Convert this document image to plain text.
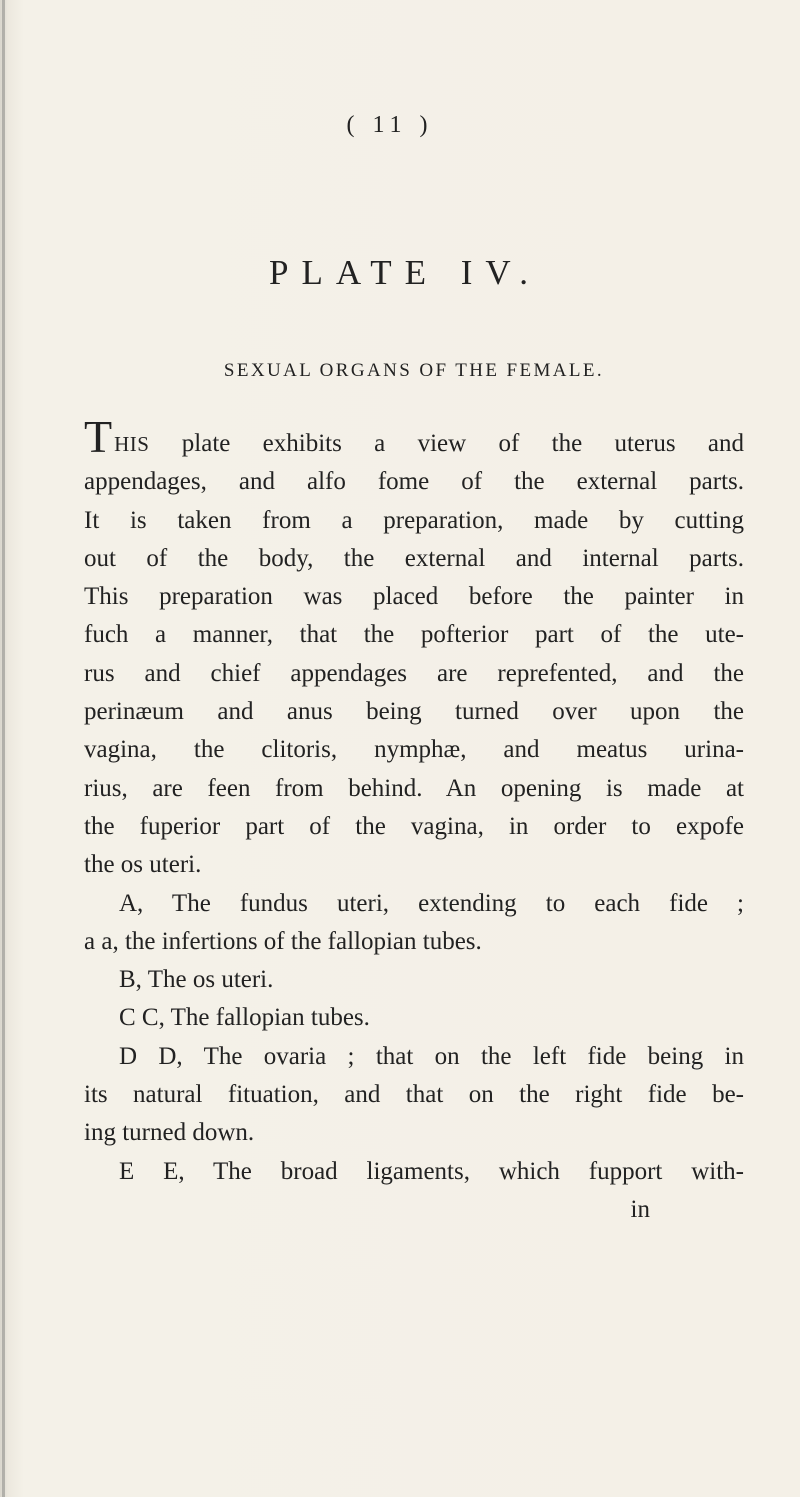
( 11 )
PLATE IV.
SEXUAL ORGANS OF THE FEMALE.
THIS plate exhibits a view of the uterus and
appendages, and alfo fome of the external parts.
It is taken from a preparation, made by cutting
out of the body, the external and internal parts.
This preparation was placed before the painter in
fuch a manner, that the pofterior part of the ute-
rus and chief appendages are reprefented, and the
perinæum and anus being turned over upon the
vagina, the clitoris, nymphæ, and meatus urina-
rius, are feen from behind. An opening is made at
the fuperior part of the vagina, in order to expofe
the os uteri.
A, The fundus uteri, extending to each fide ;
a a, the infertions of the fallopian tubes.
B, The os uteri.
C C, The fallopian tubes.
D D, The ovaria ; that on the left fide being in
its natural fituation, and that on the right fide be-
ing turned down.
E E, The broad ligaments, which fupport with-
in
